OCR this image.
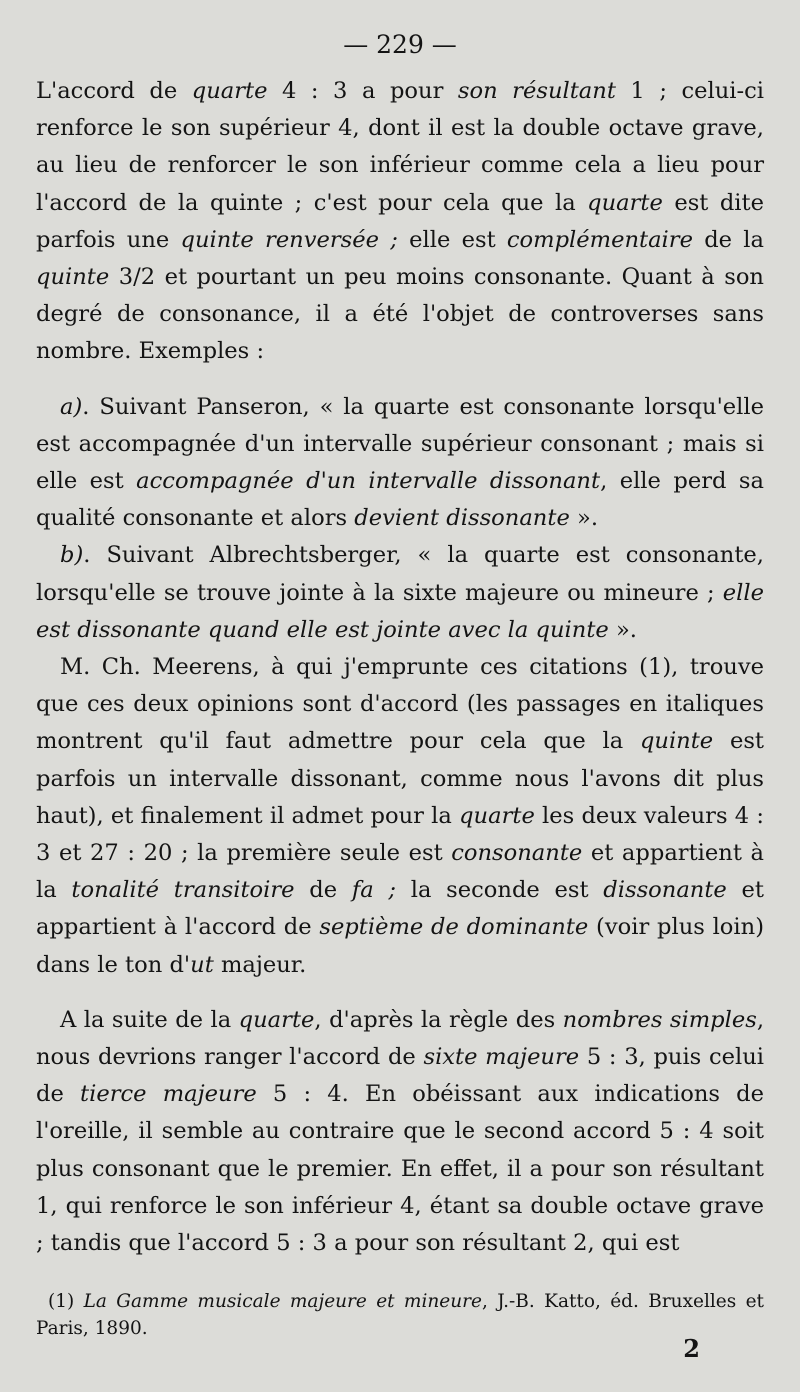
— 229 —

L'accord de quarte 4 : 3 a pour son résultant 1 ; celui-ci renforce le son supérieur 4, dont il est la double octave grave, au lieu de renforcer le son inférieur comme cela a lieu pour l'accord de la quinte ; c'est pour cela que la quarte est dite parfois une quinte renversée ; elle est complémentaire de la quinte 3/2 et pourtant un peu moins consonante. Quant à son degré de consonance, il a été l'objet de controverses sans nombre. Exemples :

a). Suivant Panseron, « la quarte est consonante lorsqu'elle est accompagnée d'un intervalle supérieur consonant ; mais si elle est accompagnée d'un intervalle dissonant, elle perd sa qualité consonante et alors devient dissonante ».

b). Suivant Albrechtsberger, « la quarte est consonante, lorsqu'elle se trouve jointe à la sixte majeure ou mineure ; elle est dissonante quand elle est jointe avec la quinte ».

M. Ch. Meerens, à qui j'emprunte ces citations (1), trouve que ces deux opinions sont d'accord (les passages en italiques montrent qu'il faut admettre pour cela que la quinte est parfois un intervalle dissonant, comme nous l'avons dit plus haut), et finalement il admet pour la quarte les deux valeurs 4 : 3 et 27 : 20 ; la première seule est consonante et appartient à la tonalité transitoire de fa ; la seconde est dissonante et appartient à l'accord de septième de dominante (voir plus loin) dans le ton d'ut majeur.

A la suite de la quarte, d'après la règle des nombres simples, nous devrions ranger l'accord de sixte majeure 5 : 3, puis celui de tierce majeure 5 : 4. En obéissant aux indications de l'oreille, il semble au contraire que le second accord 5 : 4 soit plus consonant que le premier. En effet, il a pour son résultant 1, qui renforce le son inférieur 4, étant sa double octave grave ; tandis que l'accord 5 : 3 a pour son résultant 2, qui est

(1) La Gamme musicale majeure et mineure, J.-B. Katto, éd. Bruxelles et Paris, 1890.

2
